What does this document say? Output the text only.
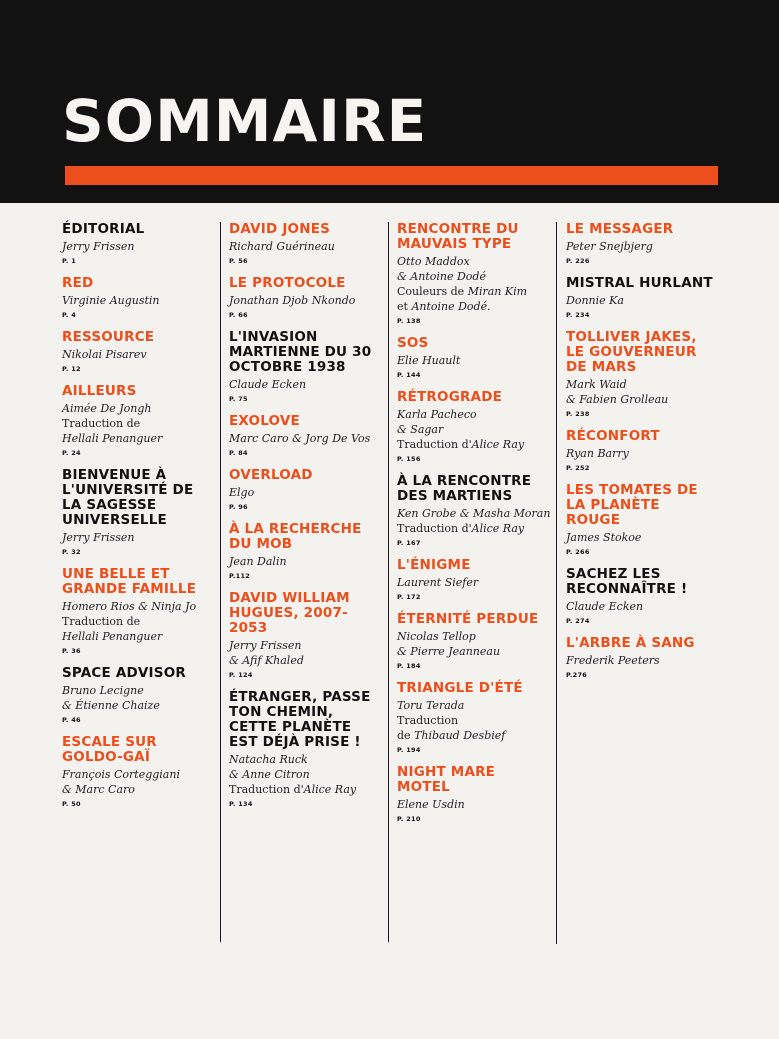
SOMMAIRE
ÉDITORIAL
Jerry Frissen
P. 1
RED
Virginie Augustin
P. 4
RESSOURCE
Nikolai Pisarev
P. 12
AILLEURS
Aimée De Jongh
Traduction de
Hellali Penanguer
P. 24
BIENVENUE À L'UNIVERSITÉ DE LA SAGESSE UNIVERSELLE
Jerry Frissen
P. 32
UNE BELLE ET GRANDE FAMILLE
Homero Rios & Ninja Jo
Traduction de
Hellali Penanguer
P. 36
SPACE ADVISOR
Bruno Lecigne
& Étienne Chaize
P. 46
ESCALE SUR GOLDO-GAÏ
François Corteggiani
& Marc Caro
P. 50
DAVID JONES
Richard Guérineau
P. 56
LE PROTOCOLE
Jonathan Djob Nkondo
P. 66
L'INVASION MARTIENNE DU 30 OCTOBRE 1938
Claude Ecken
P. 75
EXOLOVE
Marc Caro & Jorg De Vos
P. 84
OVERLOAD
Elgo
P. 96
À LA RECHERCHE DU MOB
Jean Dalin
P.112
DAVID WILLIAM HUGUES, 2007-2053
Jerry Frissen
& Afif Khaled
P. 124
ÉTRANGER, PASSE TON CHEMIN, CETTE PLANÈTE EST DÉJÀ PRISE !
Natacha Ruck
& Anne Citron
Traduction d'Alice Ray
P. 134
RENCONTRE DU MAUVAIS TYPE
Otto Maddox
& Antoine Dodé
Couleurs de Miran Kim
et Antoine Dodé.
P. 138
SOS
Elie Huault
P. 144
RÉTROGRADE
Karla Pacheco
& Sagar
Traduction d'Alice Ray
P. 156
À LA RENCONTRE DES MARTIENS
Ken Grobe & Masha Moran
Traduction d'Alice Ray
P. 167
L'ÉNIGME
Laurent Siefer
P. 172
ÉTERNITÉ PERDUE
Nicolas Tellop
& Pierre Jeanneau
P. 184
TRIANGLE D'ÉTÉ
Toru Terada
Traduction
de Thibaud Desbief
P. 194
NIGHT MARE MOTEL
Elene Usdin
P. 210
LE MESSAGER
Peter Snejbjerg
P. 226
MISTRAL HURLANT
Donnie Ka
P. 234
TOLLIVER JAKES, LE GOUVERNEUR DE MARS
Mark Waid
& Fabien Grolleau
P. 238
RÉCONFORT
Ryan Barry
P. 252
LES TOMATES DE LA PLANÈTE ROUGE
James Stokoe
P. 266
SACHEZ LES RECONNAÎTRE !
Claude Ecken
P. 274
L'ARBRE À SANG
Frederik Peeters
P.276
